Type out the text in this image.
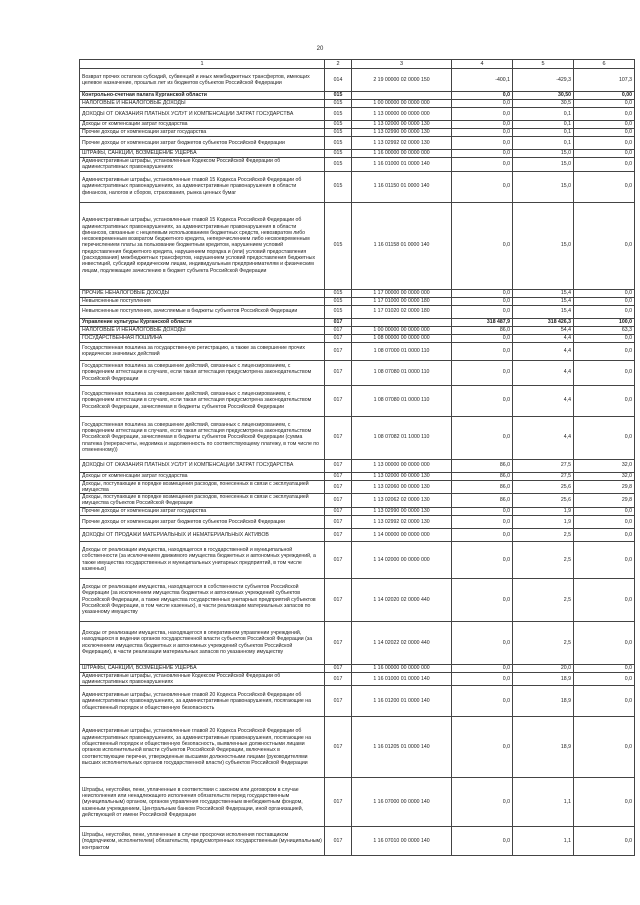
20
1	2	3	4	5	6
Возврат прочих остатков субсидий, субвенций и иных межбюджетных трансфертов, имеющих целевое назначение, прошлых лет из бюджетов субъектов Российской Федерации	014	2 19 00000 02 0000 150	-400,1	-429,3	107,3
Контрольно-счетная палата Курганской области	015		0,0	30,50	0,00
НАЛОГОВЫЕ И НЕНАЛОГОВЫЕ ДОХОДЫ	015	1 00 00000 00 0000 000	0,0	30,5	0,0
ДОХОДЫ ОТ ОКАЗАНИЯ ПЛАТНЫХ УСЛУГ И КОМПЕНСАЦИИ ЗАТРАТ ГОСУДАРСТВА	015	1 13 00000 00 0000 000	0,0	0,1	0,0
Доходы от компенсации затрат государства	015	1 13 02000 00 0000 130	0,0	0,1	0,0
Прочие доходы от компенсации затрат государства	015	1 13 02990 00 0000 130	0,0	0,1	0,0
Прочие доходы от компенсации затрат бюджетов субъектов Российской Федерации	015	1 13 02992 02 0000 130	0,0	0,1	0,0
ШТРАФЫ, САНКЦИИ, ВОЗМЕЩЕНИЕ УЩЕРБА	015	1 16 00000 00 0000 000	0,0	15,0	0,0
Административные штрафы, установленные Кодексом Российской Федерации об административных правонарушениях	015	1 16 01000 01 0000 140	0,0	15,0	0,0
Административные штрафы, установленные главой 15 Кодекса Российской Федерации об административных правонарушениях, за административные правонарушения в области финансов, налогов и сборов, страхования, рынка ценных бумаг	015	1 16 01150 01 0000 140	0,0	15,0	0,0
Административные штрафы, установленные главой 15 Кодекса Российской Федерации об административных правонарушениях, за административные правонарушения в области финансов, связанные с нецелевым использованием бюджетных средств, невозвратом либо несвоевременным возвратом бюджетного кредита, неперечислением либо несвоевременным перечислением платы за пользование бюджетным кредитом, нарушением условий предоставления бюджетного кредита, нарушением порядка и (или) условий предоставления (расходования) межбюджетных трансфертов, нарушением условий предоставления бюджетных инвестиций, субсидий юридическим лицам, индивидуальным предпринимателям и физическим лицам, подлежащие зачислению в бюджет субъекта Российской Федерации	015	1 16 01158 01 0000 140	0,0	15,0	0,0
ПРОЧИЕ НЕНАЛОГОВЫЕ ДОХОДЫ	015	1 17 00000 00 0000 000	0,0	15,4	0,0
Невыясненные поступления	015	1 17 01000 00 0000 180	0,0	15,4	0,0
Невыясненные поступления, зачисляемые в бюджеты субъектов Российской Федерации	015	1 17 01020 02 0000 180	0,0	15,4	0,0
Управление культуры Курганской области	017		318 487,9	318 426,3	100,0
НАЛОГОВЫЕ И НЕНАЛОГОВЫЕ ДОХОДЫ	017	1 00 00000 00 0000 000	86,0	54,4	63,3
ГОСУДАРСТВЕННАЯ ПОШЛИНА	017	1 08 00000 00 0000 000	0,0	4,4	0,0
Государственная пошлина за государственную регистрацию, а также за совершение прочих юридически значимых действий	017	1 08 07000 01 0000 110	0,0	4,4	0,0
Государственная пошлина за совершение действий, связанных с лицензированием, с проведением аттестации в случаях, если такая аттестация предусмотрена законодательством Российской Федерации	017	1 08 07080 01 0000 110	0,0	4,4	0,0
Государственная пошлина за совершение действий, связанных с лицензированием, с проведением аттестации в случаях, если такая аттестация предусмотрена законодательством Российской Федерации, зачисляемая в бюджеты субъектов Российской Федерации	017	1 08 07080 01 0000 110	0,0	4,4	0,0
Государственная пошлина за совершение действий, связанных с лицензированием, с проведением аттестации в случаях, если такая аттестация предусмотрена законодательством Российской Федерации, зачисляемая в бюджеты субъектов Российской Федерации (сумма платежа (перерасчеты, недоимка и задолженность по соответствующему платежу, в том числе по отмененному))	017	1 08 07082 01 1000 110	0,0	4,4	0,0
ДОХОДЫ ОТ ОКАЗАНИЯ ПЛАТНЫХ УСЛУГ И КОМПЕНСАЦИИ ЗАТРАТ ГОСУДАРСТВА	017	1 13 00000 00 0000 000	86,0	27,5	32,0
Доходы от компенсации затрат государства	017	1 13 02000 00 0000 130	86,0	27,5	32,0
Доходы, поступающие в порядке возмещения расходов, понесенных в связи с эксплуатацией имущества	017	1 13 02060 00 0000 130	86,0	25,6	29,8
Доходы, поступающие в порядке возмещения расходов, понесенных в связи с эксплуатацией имущества субъектов Российской Федерации	017	1 13 02062 02 0000 130	86,0	25,6	29,8
Прочие доходы от компенсации затрат государства	017	1 13 02990 00 0000 130	0,0	1,9	0,0
Прочие доходы от компенсации затрат бюджетов субъектов Российской Федерации	017	1 13 02992 02 0000 130	0,0	1,9	0,0
ДОХОДЫ ОТ ПРОДАЖИ МАТЕРИАЛЬНЫХ И НЕМАТЕРИАЛЬНЫХ АКТИВОВ	017	1 14 00000 00 0000 000	0,0	2,5	0,0
Доходы от реализации имущества, находящегося в государственной и муниципальной собственности (за исключением движимого имущества бюджетных и автономных учреждений, а также имущества государственных и муниципальных унитарных предприятий, в том числе казенных)	017	1 14 02000 00 0000 000	0,0	2,5	0,0
Доходы от реализации имущества, находящегося в собственности субъектов Российской Федерации (за исключением имущества бюджетных и автономных учреждений субъектов Российской Федерации, а также имущества государственных унитарных предприятий субъектов Российской Федерации, в том числе казенных), в части реализации материальных запасов по указанному имуществу	017	1 14 02020 02 0000 440	0,0	2,5	0,0
Доходы от реализации имущества, находящегося в оперативном управлении учреждений, находящихся в ведении органов государственной власти субъектов Российской Федерации (за исключением имущества бюджетных и автономных учреждений субъектов Российской Федерации), в части реализации материальных запасов по указанному имуществу	017	1 14 02022 02 0000 440	0,0	2,5	0,0
ШТРАФЫ, САНКЦИИ, ВОЗМЕЩЕНИЕ УЩЕРБА	017	1 16 00000 00 0000 000	0,0	20,0	0,0
Административные штрафы, установленные Кодексом Российской Федерации об административных правонарушениях	017	1 16 01000 01 0000 140	0,0	18,9	0,0
Административные штрафы, установленные главой 20 Кодекса Российской Федерации об административных правонарушениях, за административные правонарушения, посягающие на общественный порядок и общественную безопасность	017	1 16 01200 01 0000 140	0,0	18,9	0,0
Административные штрафы, установленные главой 20 Кодекса Российской Федерации об административных правонарушениях, за административные правонарушения, посягающие на общественный порядок и общественную безопасность, выявленные должностными лицами органов исполнительной власти субъектов Российской Федерации, включенных в соответствующие перечни, утвержденные высшими должностными лицами (руководителями высших исполнительных органов государственной власти) субъектов Российской Федерации	017	1 16 01205 01 0000 140	0,0	18,9	0,0
Штрафы, неустойки, пени, уплаченные в соответствии с законом или договором в случае неисполнения или ненадлежащего исполнения обязательств перед государственным (муниципальным) органом, органом управления государственным внебюджетным фондом, казенным учреждением, Центральным банком Российской Федерации, иной организацией, действующей от имени Российской Федерации	017	1 16 07000 00 0000 140	0,0	1,1	0,0
Штрафы, неустойки, пени, уплаченные в случае просрочки исполнения поставщиком (подрядчиком, исполнителем) обязательств, предусмотренных государственным (муниципальным) контрактом	017	1 16 07010 00 0000 140	0,0	1,1	0,0
